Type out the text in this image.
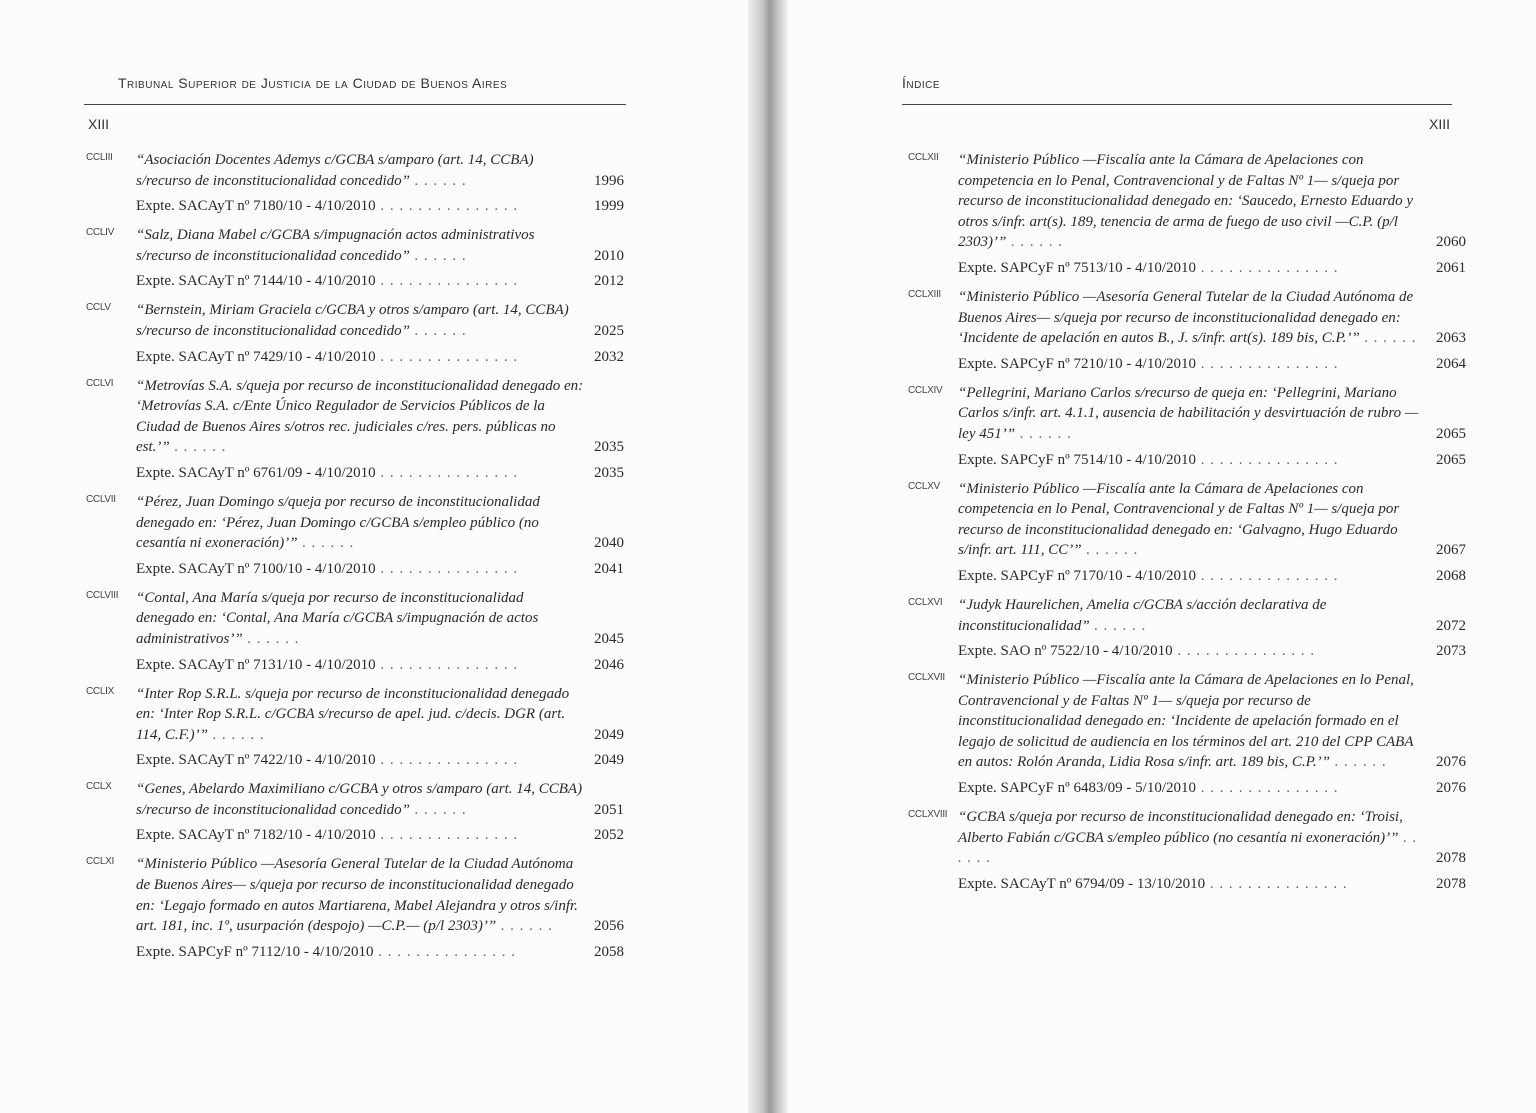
Tribunal Superior de Justicia de la Ciudad de Buenos Aires
XIII
CCLIII	“Asociación Docentes Ademys c/GCBA s/amparo (art. 14, CCBA) s/recurso de inconstitucionalidad concedido” . . . . . .	1996
Expte. SACAyT nº 7180/10 - 4/10/2010 . . . . . . . . . . . . . . .	1999
CCLIV	“Salz, Diana Mabel c/GCBA s/impugnación actos administrativos s/recurso de inconstitucionalidad concedido” . . . . . .	2010
Expte. SACAyT nº 7144/10 - 4/10/2010 . . . . . . . . . . . . . . .	2012
CCLV	“Bernstein, Miriam Graciela c/GCBA y otros s/amparo (art. 14, CCBA) s/recurso de inconstitucionalidad concedido” . . . . . .	2025
Expte. SACAyT nº 7429/10 - 4/10/2010 . . . . . . . . . . . . . . .	2032
CCLVI	“Metrovías S.A. s/queja por recurso de inconstitucionalidad denegado en: ‘Metrovías S.A. c/Ente Único Regulador de Servicios Públicos de la Ciudad de Buenos Aires s/otros rec. judiciales c/res. pers. públicas no est.’” . . . . . .	2035
Expte. SACAyT nº 6761/09 - 4/10/2010 . . . . . . . . . . . . . . .	2035
CCLVII	“Pérez, Juan Domingo s/queja por recurso de inconstitucionalidad denegado en: ‘Pérez, Juan Domingo c/GCBA s/empleo público (no cesantía ni exoneración)’” . . . . . .	2040
Expte. SACAyT nº 7100/10 - 4/10/2010 . . . . . . . . . . . . . . .	2041
CCLVIII	“Contal, Ana María s/queja por recurso de inconstitucionalidad denegado en: ‘Contal, Ana María c/GCBA s/impugnación de actos administrativos’” . . . . . .	2045
Expte. SACAyT nº 7131/10 - 4/10/2010 . . . . . . . . . . . . . . .	2046
CCLIX	“Inter Rop S.R.L. s/queja por recurso de inconstitucionalidad denegado en: ‘Inter Rop S.R.L. c/GCBA s/recurso de apel. jud. c/decis. DGR (art. 114, C.F.)’” . . . . . .	2049
Expte. SACAyT nº 7422/10 - 4/10/2010 . . . . . . . . . . . . . . .	2049
CCLX	“Genes, Abelardo Maximiliano c/GCBA y otros s/amparo (art. 14, CCBA) s/recurso de inconstitucionalidad concedido” . . . . . .	2051
Expte. SACAyT nº 7182/10 - 4/10/2010 . . . . . . . . . . . . . . .	2052
CCLXI	“Ministerio Público —Asesoría General Tutelar de la Ciudad Autónoma de Buenos Aires— s/queja por recurso de inconstitucionalidad denegado en: ‘Legajo formado en autos Martiarena, Mabel Alejandra y otros s/infr. art. 181, inc. 1º, usurpación (despojo) —C.P.— (p/l 2303)’” . . . . . .	2056
Expte. SAPCyF nº 7112/10 - 4/10/2010 . . . . . . . . . . . . . . .	2058
Índice
XIII
CCLXII	“Ministerio Público —Fiscalía ante la Cámara de Apelaciones con competencia en lo Penal, Contravencional y de Faltas Nº 1— s/queja por recurso de inconstitucionalidad denegado en: ‘Saucedo, Ernesto Eduardo y otros s/infr. art(s). 189, tenencia de arma de fuego de uso civil —C.P. (p/l 2303)’” . . . . . .	2060
Expte. SAPCyF nº 7513/10 - 4/10/2010 . . . . . . . . . . . . . . .	2061
CCLXIII	“Ministerio Público —Asesoría General Tutelar de la Ciudad Autónoma de Buenos Aires— s/queja por recurso de inconstitucionalidad denegado en: ‘Incidente de apelación en autos B., J. s/infr. art(s). 189 bis, C.P.’” . . . . . . 2063
Expte. SAPCyF nº 7210/10 - 4/10/2010 . . . . . . . . . . . . . . .	2064
CCLXIV	“Pellegrini, Mariano Carlos s/recurso de queja en: ‘Pellegrini, Mariano Carlos s/infr. art. 4.1.1, ausencia de habilitación y desvirtuación de rubro —ley 451’” . . . . . .	2065
Expte. SAPCyF nº 7514/10 - 4/10/2010 . . . . . . . . . . . . . . .	2065
CCLXV	“Ministerio Público —Fiscalía ante la Cámara de Apelaciones con competencia en lo Penal, Contravencional y de Faltas Nº 1— s/queja por recurso de inconstitucionalidad denegado en: ‘Galvagno, Hugo Eduardo s/infr. art. 111, CC’” . . . . . .	2067
Expte. SAPCyF nº 7170/10 - 4/10/2010 . . . . . . . . . . . . . . .	2068
CCLXVI	“Judyk Haurelichen, Amelia c/GCBA s/acción declarativa de inconstitucionalidad” . . . . . .	2072
Expte. SAO nº 7522/10 - 4/10/2010 . . . . . . . . . . . . . . .	2073
CCLXVII “Ministerio Público —Fiscalía ante la Cámara de Apelaciones en lo Penal, Contravencional y de Faltas Nº 1— s/queja por recurso de inconstitucionalidad denegado en: ‘Incidente de apelación formado en el legajo de solicitud de audiencia en los términos del art. 210 del CPP CABA en autos: Rolón Aranda, Lidia Rosa s/infr. art. 189 bis, C.P.’” . . . . . .	2076
Expte. SAPCyF nº 6483/09 - 5/10/2010 . . . . . . . . . . . . . . .	2076
CCLXVIII “GCBA s/queja por recurso de inconstitucionalidad denegado en: ‘Troisi, Alberto Fabián c/GCBA s/empleo público (no cesantía ni exoneración)’” . . . . . .	2078
Expte. SACAyT nº 6794/09 - 13/10/2010 . . . . . . . . . . . . . . .	2078
